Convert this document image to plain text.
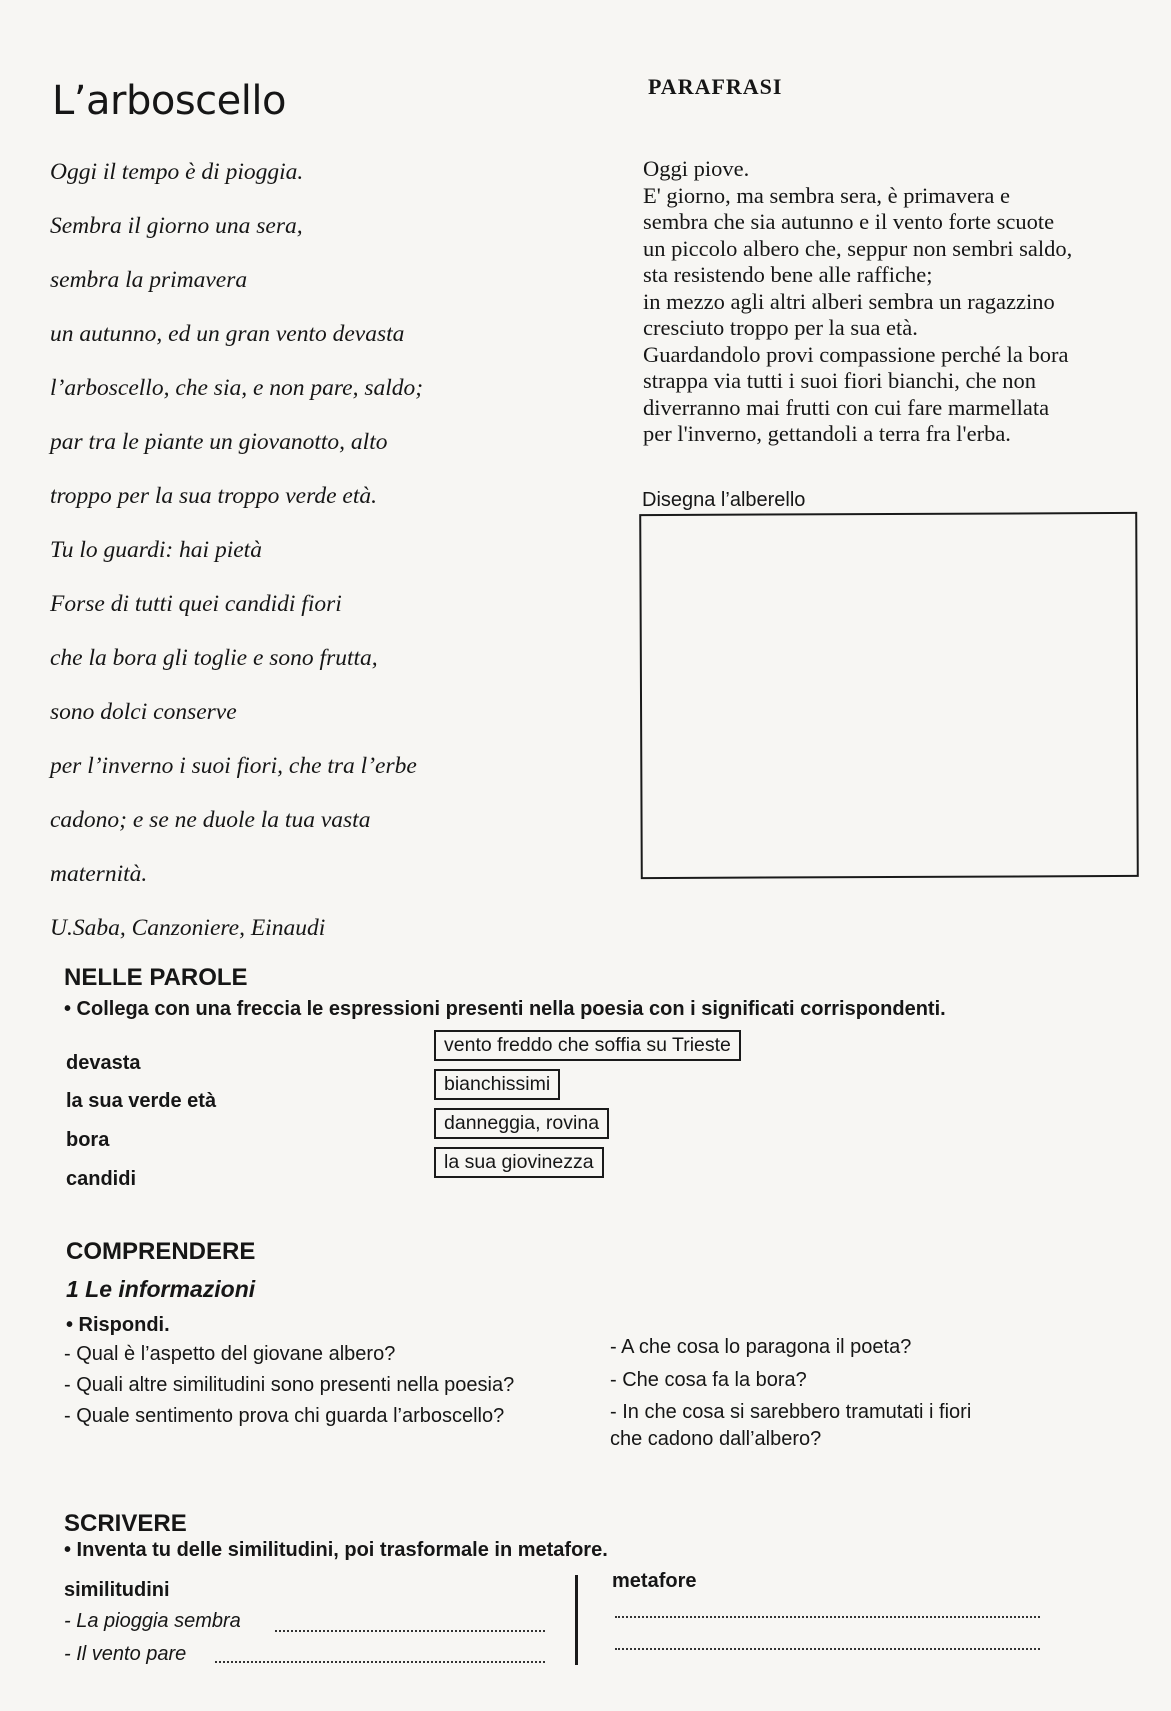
L’arboscello	PARAFRASI
Oggi il tempo è di pioggia.
Sembra il giorno una sera,
sembra la primavera
un autunno, ed un gran vento devasta
l’arboscello, che sia, e non pare, saldo;
par tra le piante un giovanotto, alto
troppo per la sua troppo verde età.
Tu lo guardi: hai pietà
Forse di tutti quei candidi fiori
che la bora gli toglie e sono frutta,
sono dolci conserve
per l’inverno i suoi fiori, che tra l’erbe
cadono; e se ne duole la tua vasta
maternità.
U.Saba, Canzoniere, Einaudi
Oggi piove.
E' giorno, ma sembra sera, è primavera e
sembra che sia autunno e il vento forte scuote
un piccolo albero che, seppur non sembri saldo,
sta resistendo bene alle raffiche;
in mezzo agli altri alberi sembra un ragazzino
cresciuto troppo per la sua età.
Guardandolo provi compassione perché la bora
strappa via tutti i suoi fiori bianchi, che non
diverranno mai frutti con cui fare marmellata
per l'inverno, gettandoli a terra fra l'erba.
Disegna l’alberello
NELLE PAROLE
• Collega con una freccia le espressioni presenti nella poesia con i significati corrispondenti.
devasta
la sua verde età
bora
candidi
vento freddo che soffia su Trieste
bianchissimi
danneggia, rovina
la sua giovinezza
COMPRENDERE
1 Le informazioni
• Rispondi.
- Qual è l’aspetto del giovane albero?
- Quali altre similitudini sono presenti nella poesia?
- Quale sentimento prova chi guarda l’arboscello?
- A che cosa lo paragona il poeta?
- Che cosa fa la bora?
- In che cosa si sarebbero tramutati i fiori
che cadono dall’albero?
SCRIVERE
• Inventa tu delle similitudini, poi trasformale in metafore.
similitudini	metafore
- La pioggia sembra
- Il vento pare
